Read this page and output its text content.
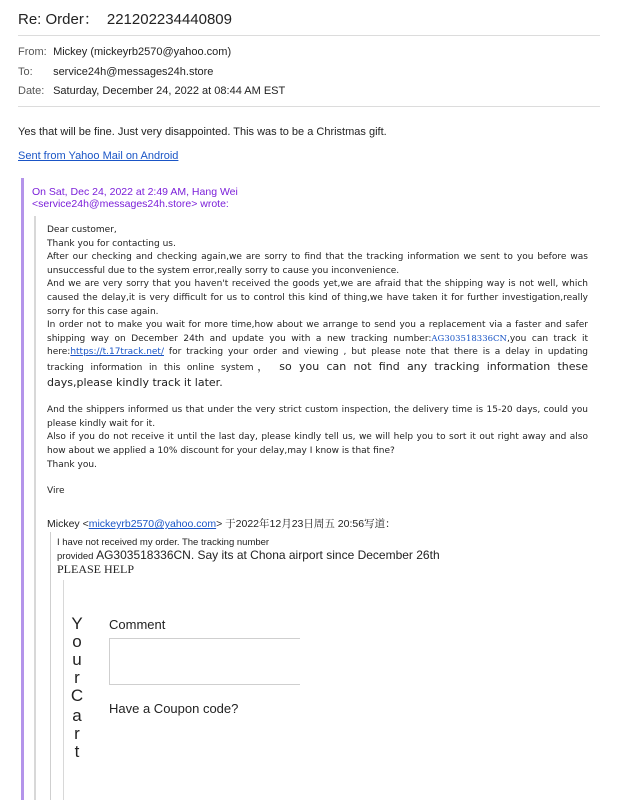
Re: Order： 221202234440809
From: Mickey (mickeyrb2570@yahoo.com)
To: service24h@messages24h.store
Date: Saturday, December 24, 2022 at 08:44 AM EST
Yes that will be fine. Just very disappointed. This was to be a Christmas gift.
Sent from Yahoo Mail on Android
On Sat, Dec 24, 2022 at 2:49 AM, Hang Wei
<service24h@messages24h.store> wrote:

Dear customer,

Thank you for contacting us.

After our checking and checking again,we are sorry to find that the tracking information we sent to you before was unsuccessful due to the system error,really sorry to cause you inconvenience.

And we are very sorry that you haven't received the goods yet,we are afraid that the shipping way is not well, which caused the delay,it is very difficult for us to control this kind of thing,we have taken it for further investigation,really sorry for this case again.

In order not to make you wait for more time,how about we arrange to send you a replacement via a faster and safer shipping way on December 24th and update you with a new tracking number:AG303518336CN,you can track it here:https://t.17track.net/ for tracking your order and viewing , but please note that there is a delay in updating tracking information in this online system， so you can not find any tracking information these days,please kindly track it later.

And the shippers informed us that under the very strict custom inspection, the delivery time is 15-20 days, could you please kindly wait for it.

Also if you do not receive it until the last day, please kindly tell us, we will help you to sort it out right away and also how about we applied a 10% discount for your delay,may I know is that fine?

Thank you.

Vire

Mickey <mickeyrb2570@yahoo.com> 于2022年12月23日周五 20:56写道：
I have not received my order. The tracking number
provided AG303518336CN. Say its at Chona airport since December 26th
PLEASE HELP
Y
o
u
r
C
a
r
t
Comment
Have a Coupon code?
